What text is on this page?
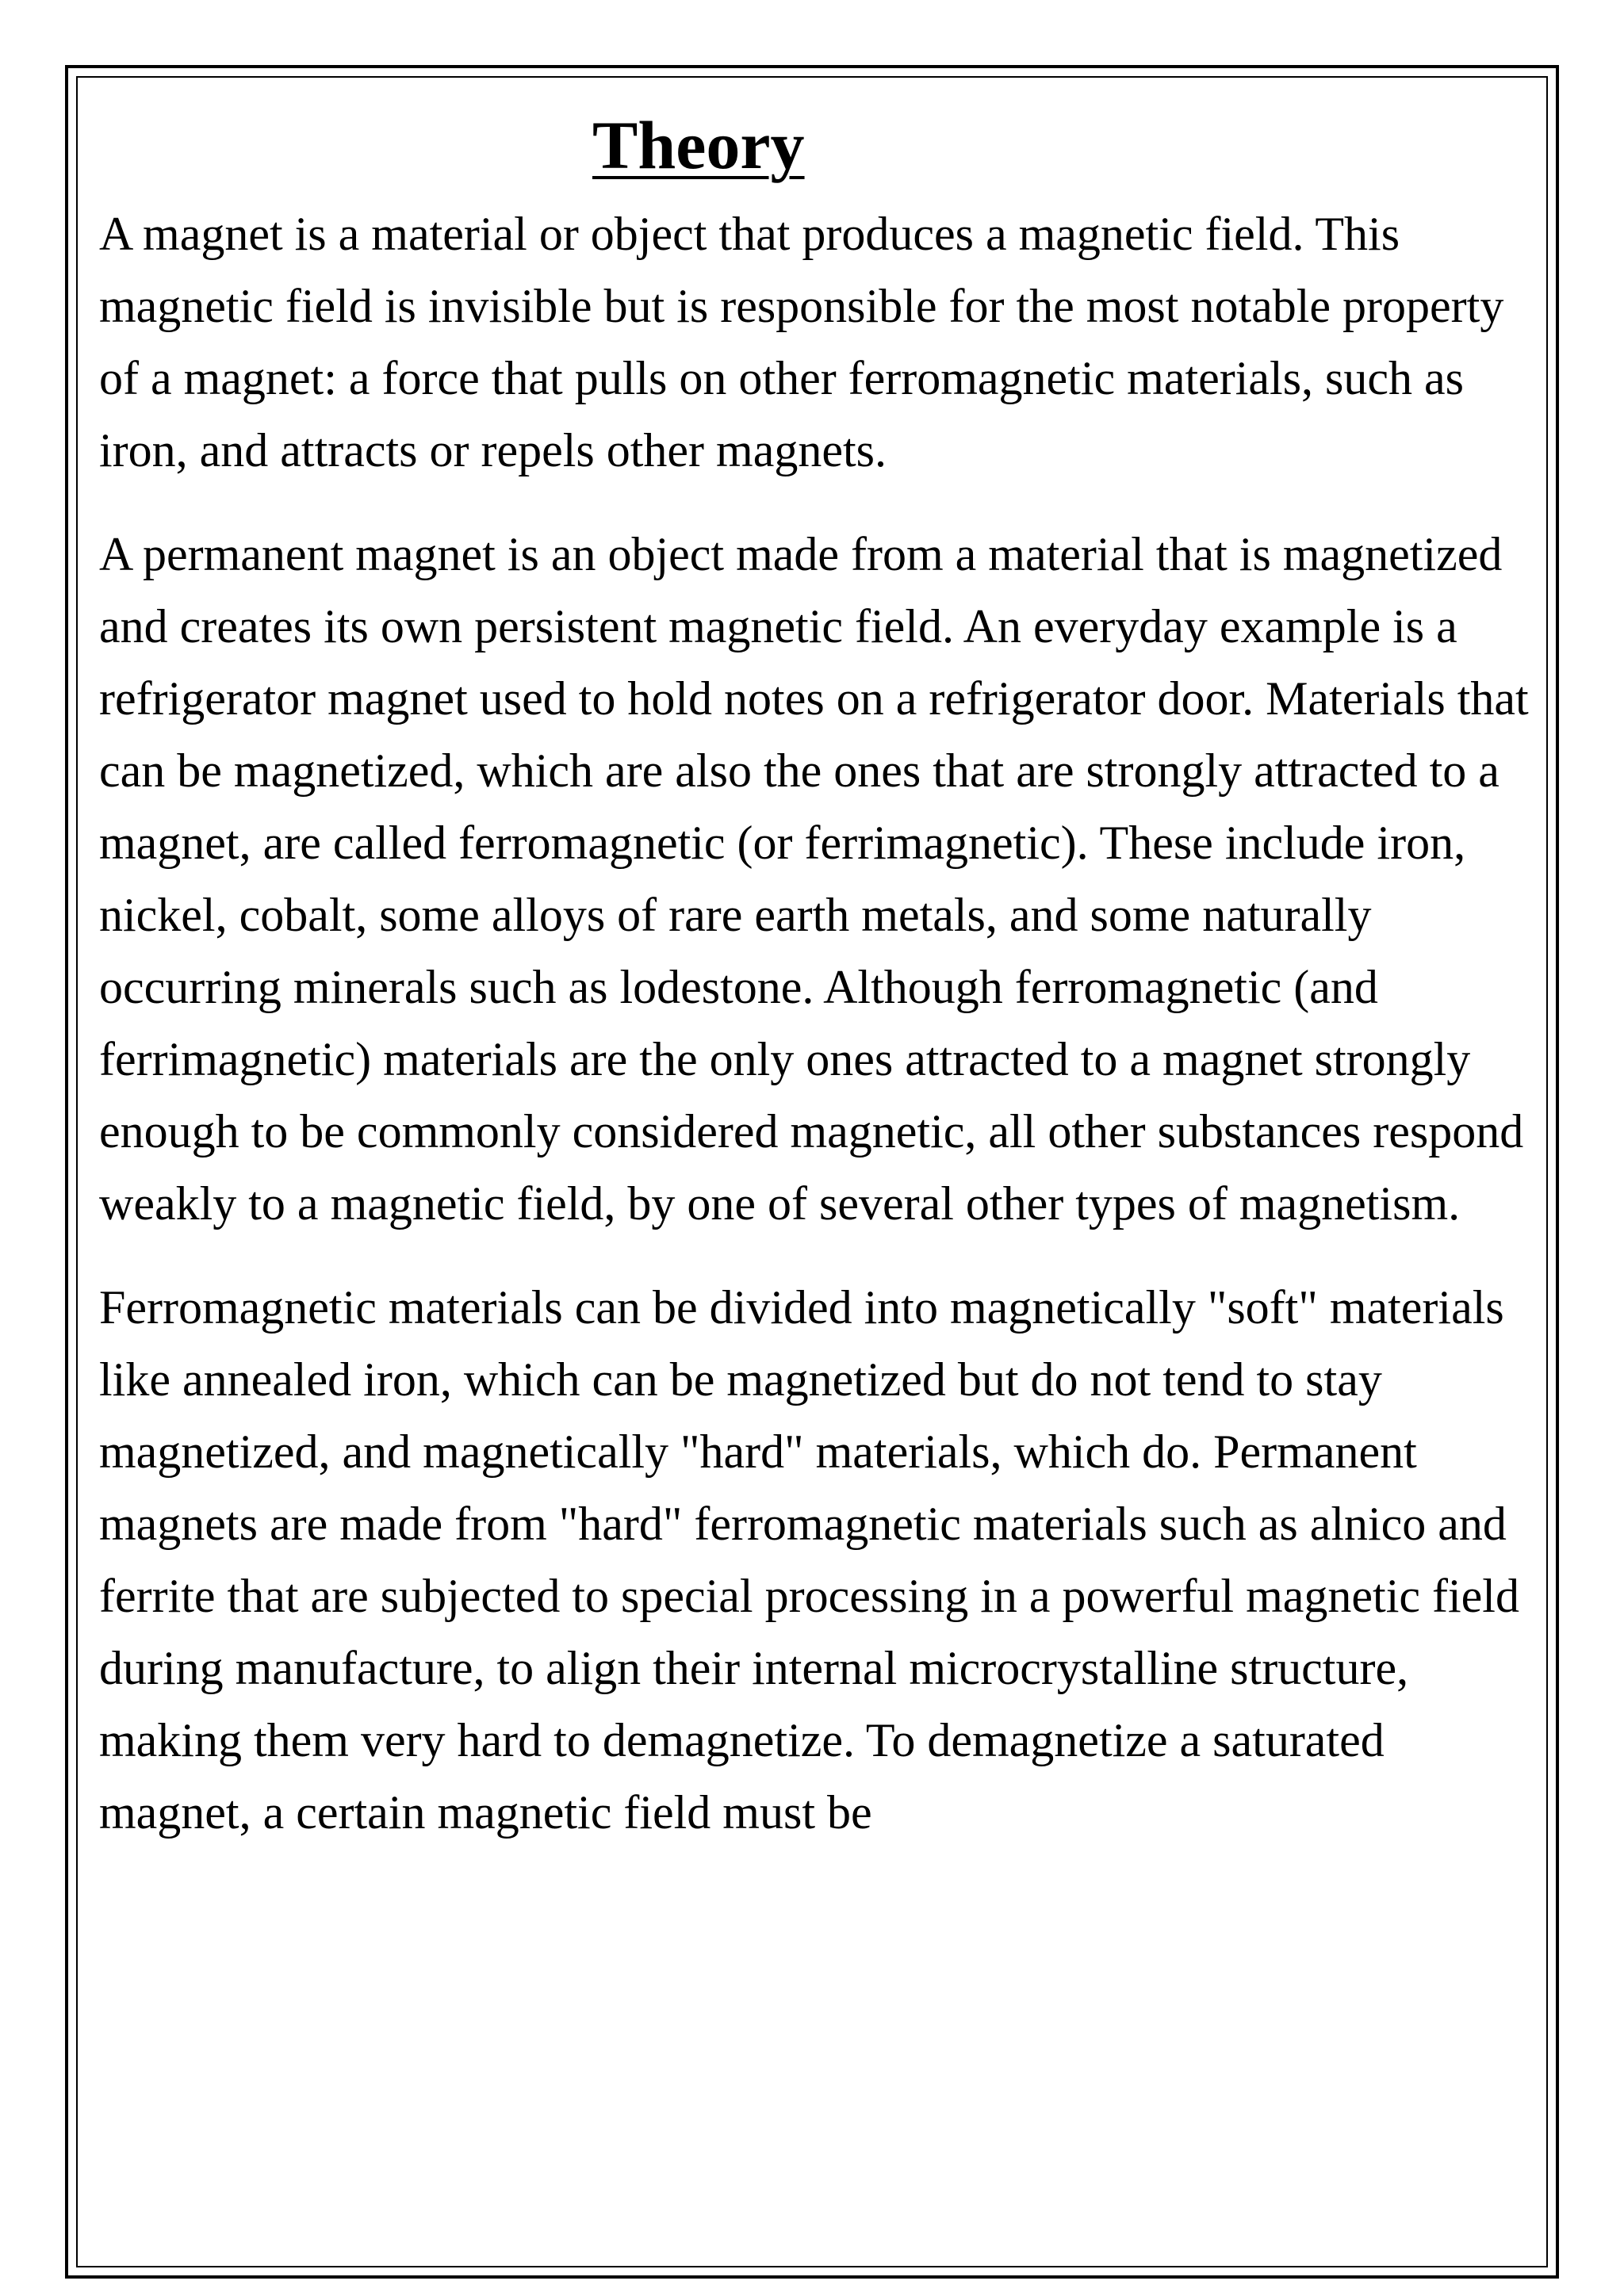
Theory

A magnet is a material or object that produces a magnetic field. This magnetic field is invisible but is responsible for the most notable property of a magnet: a force that pulls on other ferromagnetic materials, such as iron, and attracts or repels other magnets.

A permanent magnet is an object made from a material that is magnetized and creates its own persistent magnetic field. An everyday example is a refrigerator magnet used to hold notes on a refrigerator door. Materials that can be magnetized, which are also the ones that are strongly attracted to a magnet, are called ferromagnetic (or ferrimagnetic). These include iron, nickel, cobalt, some alloys of rare earth metals, and some naturally occurring minerals such as lodestone. Although ferromagnetic (and ferrimagnetic) materials are the only ones attracted to a magnet strongly enough to be commonly considered magnetic, all other substances respond weakly to a magnetic field, by one of several other types of magnetism.

Ferromagnetic materials can be divided into magnetically "soft" materials like annealed iron, which can be magnetized but do not tend to stay magnetized, and magnetically "hard" materials, which do. Permanent magnets are made from "hard" ferromagnetic materials such as alnico and ferrite that are subjected to special processing in a powerful magnetic field during manufacture, to align their internal microcrystalline structure, making them very hard to demagnetize. To demagnetize a saturated magnet, a certain magnetic field must be
